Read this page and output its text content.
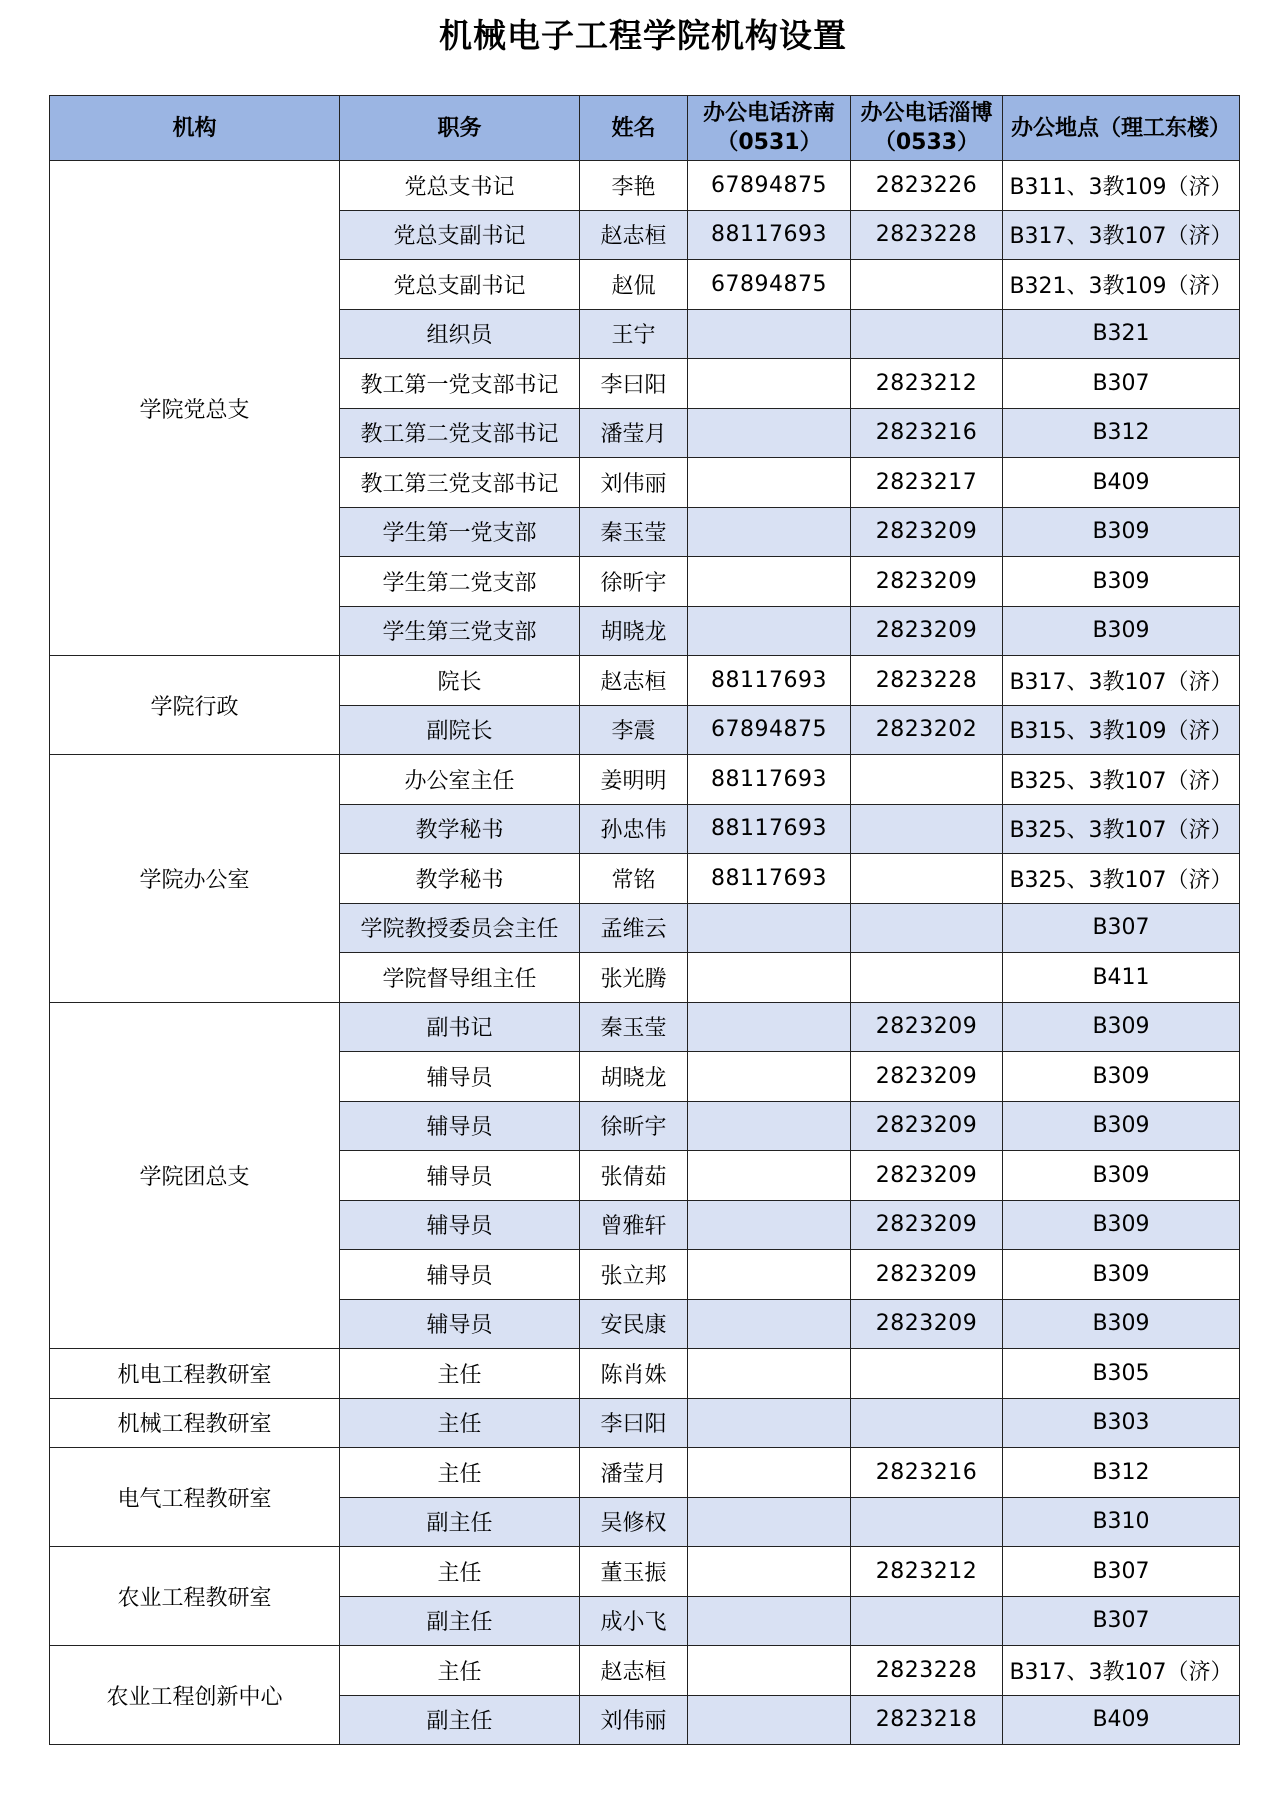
机械电子工程学院机构设置
机构	职务	姓名	办公电话济南（0531）	办公电话淄博（0533）	办公地点（理工东楼）
学院党总支	党总支书记	李艳	67894875	2823226	B311、3教109（济）
	党总支副书记	赵志桓	88117693	2823228	B317、3教107（济）
	党总支副书记	赵侃	67894875		B321、3教109（济）
	组织员	王宁			B321
	教工第一党支部书记	李曰阳		2823212	B307
	教工第二党支部书记	潘莹月		2823216	B312
	教工第三党支部书记	刘伟丽		2823217	B409
	学生第一党支部	秦玉莹		2823209	B309
	学生第二党支部	徐昕宇		2823209	B309
	学生第三党支部	胡晓龙		2823209	B309
学院行政	院长	赵志桓	88117693	2823228	B317、3教107（济）
	副院长	李震	67894875	2823202	B315、3教109（济）
学院办公室	办公室主任	姜明明	88117693		B325、3教107（济）
	教学秘书	孙忠伟	88117693		B325、3教107（济）
	教学秘书	常铭	88117693		B325、3教107（济）
	学院教授委员会主任	孟维云			B307
	学院督导组主任	张光腾			B411
学院团总支	副书记	秦玉莹		2823209	B309
	辅导员	胡晓龙		2823209	B309
	辅导员	徐昕宇		2823209	B309
	辅导员	张倩茹		2823209	B309
	辅导员	曾雅轩		2823209	B309
	辅导员	张立邦		2823209	B309
	辅导员	安民康		2823209	B309
机电工程教研室	主任	陈肖姝			B305
机械工程教研室	主任	李曰阳			B303
电气工程教研室	主任	潘莹月		2823216	B312
	副主任	吴修权			B310
农业工程教研室	主任	董玉振		2823212	B307
	副主任	成小飞			B307
农业工程创新中心	主任	赵志桓		2823228	B317、3教107（济）
	副主任	刘伟丽		2823218	B409
